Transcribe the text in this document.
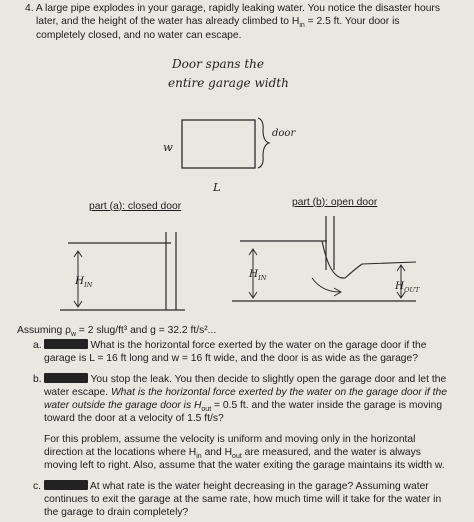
4. A large pipe explodes in your garage, rapidly leaking water. You notice the disaster hours
later, and the height of the water has already climbed to $H_{in} = 2.5$ ft. Your door is
completely closed, and no water can escape.
Door spans the
entire garage width
w
L
door
part (a): closed door	part (b): open door
$H_{IN}$
$H_{IN}$
$H_{OUT}$
Assuming $\rho_w = 2$ slug/ft³ and g = 32.2 ft/s²...
a.	What is the horizontal force exerted by the water on the garage door if the
garage is L = 16 ft long and w = 16 ft wide, and the door is as wide as the garage?
b.	You stop the leak. You then decide to slightly open the garage door and let the
water escape. What is the horizontal force exerted by the water on the garage door if the
water outside the garage door is $H_{out} = 0.5$ ft. and the water inside the garage is moving
toward the door at a velocity of 1.5 ft/s?
For this problem, assume the velocity is uniform and moving only in the horizontal
direction at the locations where $H_{in}$ and $H_{out}$ are measured, and the water is always
moving left to right. Also, assume that the water exiting the garage maintains its width w.
c.	At what rate is the water height decreasing in the garage? Assuming water
continues to exit the garage at the same rate, how much time will it take for the water in
the garage to drain completely?
